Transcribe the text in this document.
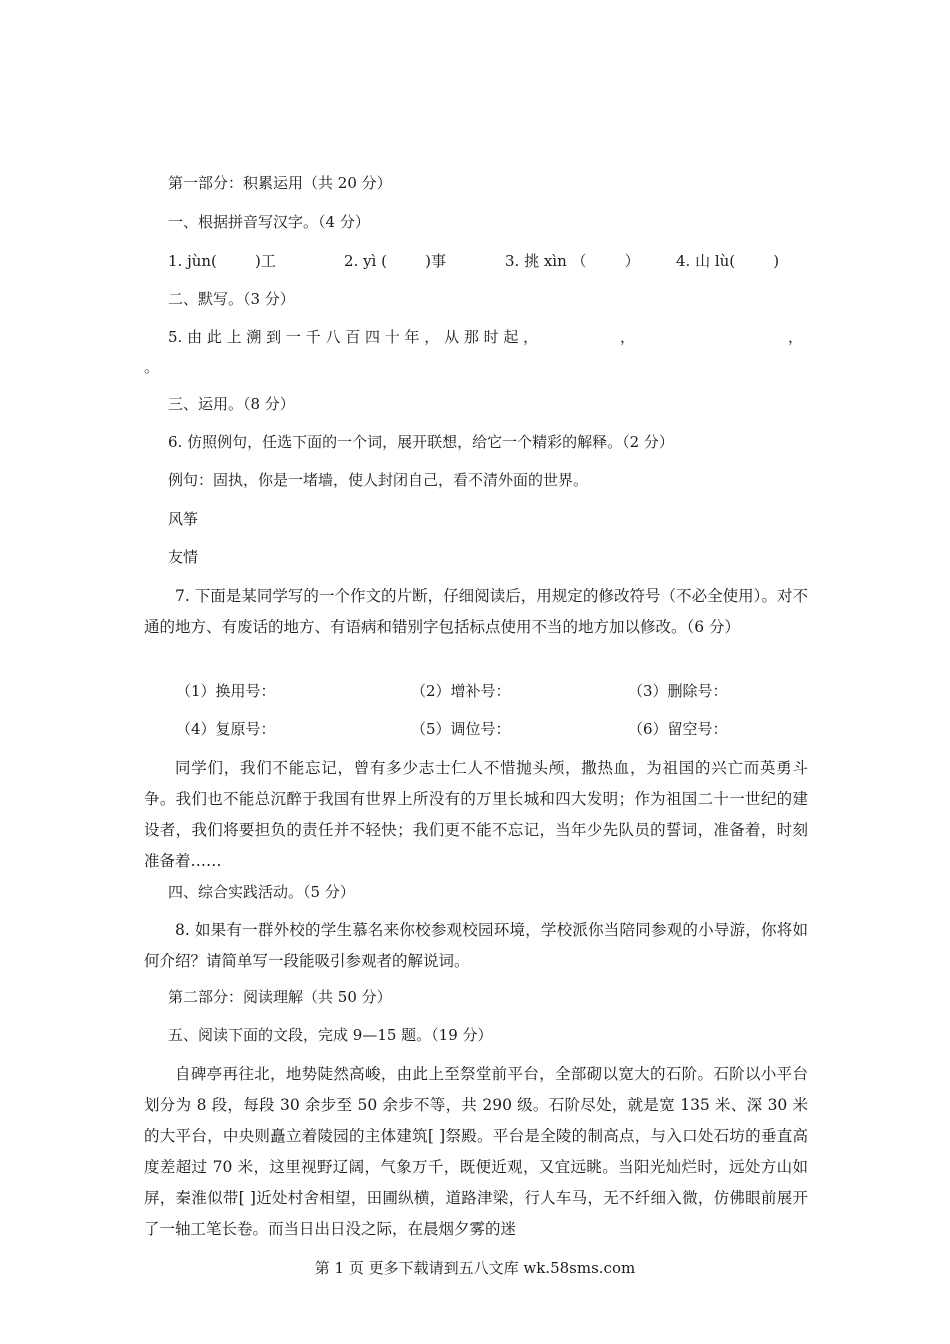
第一部分：积累运用（共 20 分）
一、根据拼音写汉字。（4 分）
1. jùn(        )工	2. yì (        )事	3. 挑 xìn （        ） 4. 山 lù(        )
二、默写。（3 分）
5. 由 此 上 溯 到 一 千 八 百 四 十 年 ， 从 那 时 起 ，	，	，
。
三、运用。（8 分）
6. 仿照例句，任选下面的一个词，展开联想，给它一个精彩的解释。（2 分）
例句：固执，你是一堵墙，使人封闭自己，看不清外面的世界。
风筝
友情
7. 下面是某同学写的一个作文的片断，仔细阅读后，用规定的修改符号（不必全使用）。对不通的地方、有废话的地方、有语病和错别字包括标点使用不当的地方加以修改。（6 分）
（1）换用号：	（2）增补号：	（3）删除号：
（4）复原号：	（5）调位号：	（6）留空号：
同学们，我们不能忘记，曾有多少志士仁人不惜抛头颅，撒热血，为祖国的兴亡而英勇斗争。我们也不能总沉醉于我国有世界上所没有的万里长城和四大发明；作为祖国二十一世纪的建设者，我们将要担负的责任并不轻快；我们更不能不忘记，当年少先队员的誓词，准备着，时刻准备着……
四、综合实践活动。（5 分）
8. 如果有一群外校的学生慕名来你校参观校园环境，学校派你当陪同参观的小导游，你将如何介绍？请简单写一段能吸引参观者的解说词。
第二部分：阅读理解（共 50 分）
五、阅读下面的文段，完成 9—15 题。（19 分）
自碑亭再往北，地势陡然高峻，由此上至祭堂前平台，全部砌以宽大的石阶。石阶以小平台划分为 8 段，每段 30 余步至 50 余步不等，共 290 级。石阶尽处，就是宽 135 米、深 30 米的大平台，中央则矗立着陵园的主体建筑[ ]祭殿。平台是全陵的制高点，与入口处石坊的垂直高度差超过 70 米，这里视野辽阔，气象万千，既便近观，又宜远眺。当阳光灿烂时，远处方山如屏，秦淮似带[ ]近处村舍相望，田圃纵横，道路津梁，行人车马，无不纤细入微，仿佛眼前展开了一轴工笔长卷。而当日出日没之际，在晨烟夕雾的迷
第 1 页 更多下载请到五八文库 wk.58sms.com
